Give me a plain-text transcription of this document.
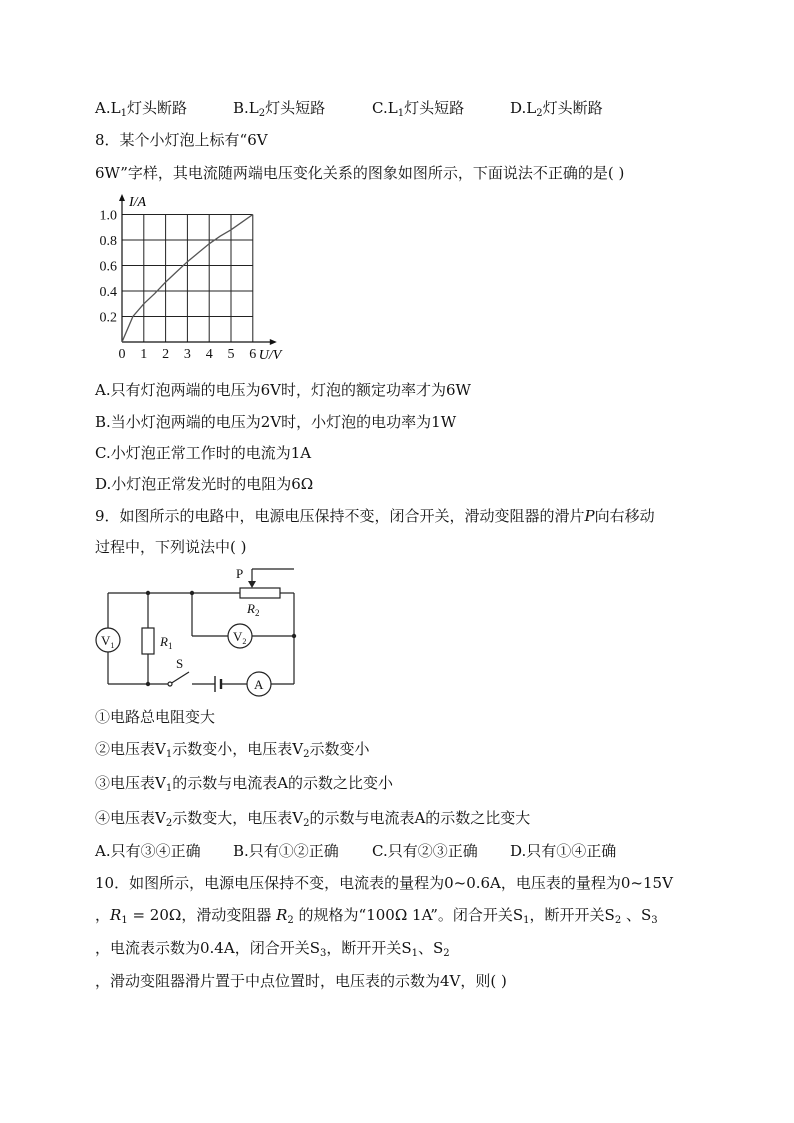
$A.L_1$灯头断路	$B.L_2$灯头短路	$C.L_1$灯头短路	$D.L_2$灯头断路
8．某个小灯泡上标有“6V
6W”字样，其电流随两端电压变化关系的图象如图所示，下面说法不正确的是( )
0 1 2 3 4 5 6
0.2
0.4
0.6
0.8
1.0
I/A
U/V
A.只有灯泡两端的电压为6V时，灯泡的额定功率才为6W
B.当小灯泡两端的电压为2V时，小灯泡的电功率为1W
C.小灯泡正常工作时的电流为1A
D.小灯泡正常发光时的电阻为6Ω
9．如图所示的电路中，电源电压保持不变，闭合开关，滑动变阻器的滑片P向右移动
过程中，下列说法中( )
P
$R_2$
$R_1$
S
$V_1$
$V_2$
A
①电路总电阻变大
②电压表$V_1$示数变小，电压表$V_2$示数变小
③电压表$V_1$的示数与电流表A的示数之比变小
④电压表$V_2$示数变大，电压表$V_2$的示数与电流表A的示数之比变大
A.只有③④正确 B.只有①②正确 C.只有②③正确 D.只有①④正确
10．如图所示，电源电压保持不变，电流表的量程为0~0.6A，电压表的量程为0~15V
，$R_1 = 20\Omega$，滑动变阻器 $R_2$ 的规格为“100Ω 1A”。闭合开关$S_1$，断开开关$S_2$ 、$S_3$
，电流表示数为0.4A，闭合开关$S_3$，断开开关$S_1$、$S_2$
，滑动变阻器滑片置于中点位置时，电压表的示数为4V，则( )
